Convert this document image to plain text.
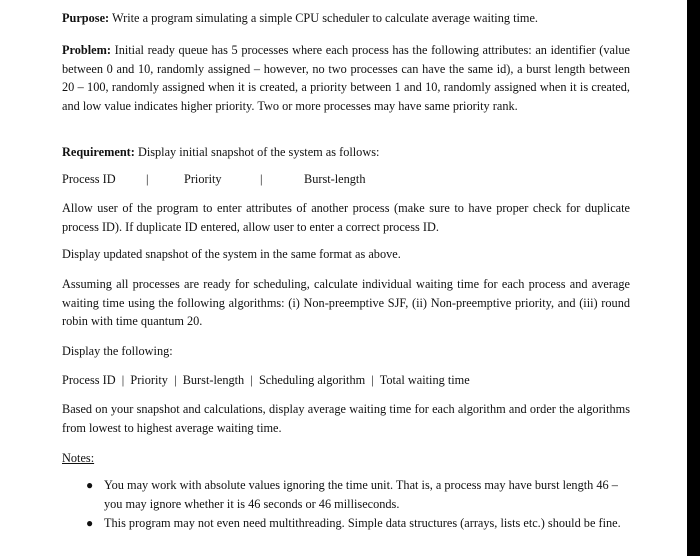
Purpose: Write a program simulating a simple CPU scheduler to calculate average waiting time.
Problem: Initial ready queue has 5 processes where each process has the following attributes: an identifier (value between 0 and 10, randomly assigned – however, no two processes can have the same id), a burst length between 20 – 100, randomly assigned when it is created, a priority between 1 and 10, randomly assigned when it is created, and low value indicates higher priority. Two or more processes may have same priority rank.
Requirement: Display initial snapshot of the system as follows:
Process ID |	Priority	|	Burst-length
Allow user of the program to enter attributes of another process (make sure to have proper check for duplicate process ID). If duplicate ID entered, allow user to enter a correct process ID.
Display updated snapshot of the system in the same format as above.
Assuming all processes are ready for scheduling, calculate individual waiting time for each process and average waiting time using the following algorithms: (i) Non-preemptive SJF, (ii) Non-preemptive priority, and (iii) round robin with time quantum 20.
Display the following:
Process ID  |  Priority  |  Burst-length  |  Scheduling algorithm  |  Total waiting time
Based on your snapshot and calculations, display average waiting time for each algorithm and order the algorithms from lowest to highest average waiting time.
Notes:
● You may work with absolute values ignoring the time unit. That is, a process may have burst length 46 – you may ignore whether it is 46 seconds or 46 milliseconds.
● This program may not even need multithreading. Simple data structures (arrays, lists etc.) should be fine.
